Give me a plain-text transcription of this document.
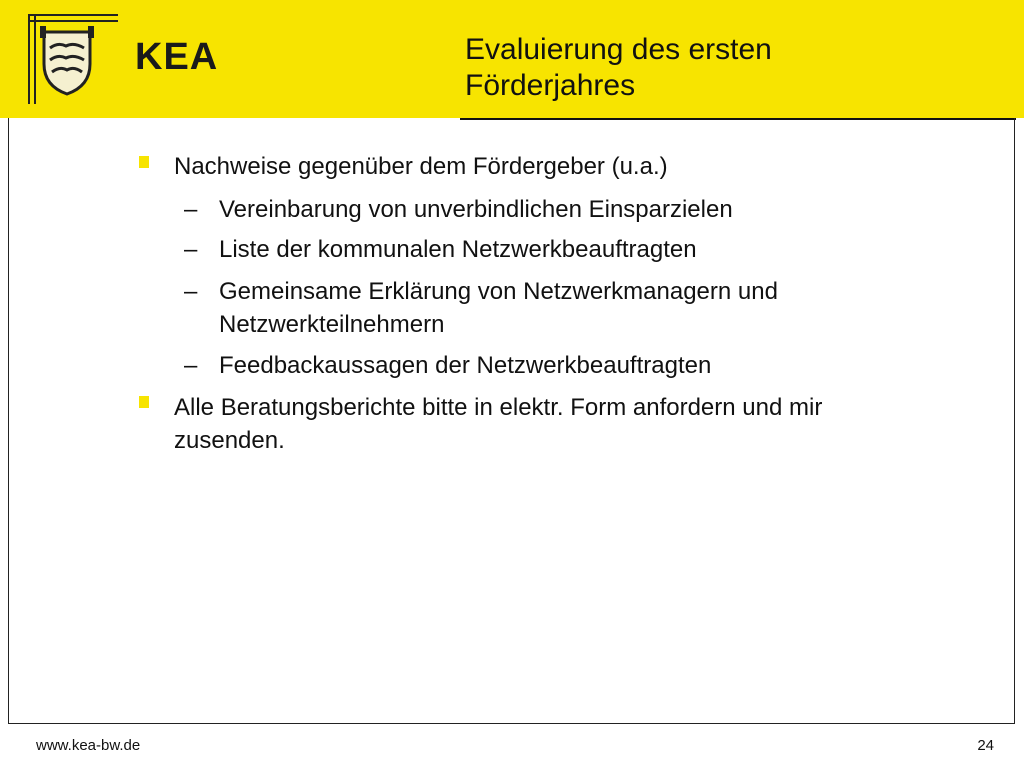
KEA	Evaluierung des ersten
Förderjahres
Nachweise gegenüber dem Fördergeber (u.a.)
– Vereinbarung von unverbindlichen Einsparzielen
– Liste der kommunalen Netzwerkbeauftragten
– Gemeinsame Erklärung von Netzwerkmanagern und
Netzwerkteilnehmern
– Feedbackaussagen der Netzwerkbeauftragten
Alle Beratungsberichte bitte in elektr. Form anfordern und mir
zusenden.
www.kea-bw.de	24
